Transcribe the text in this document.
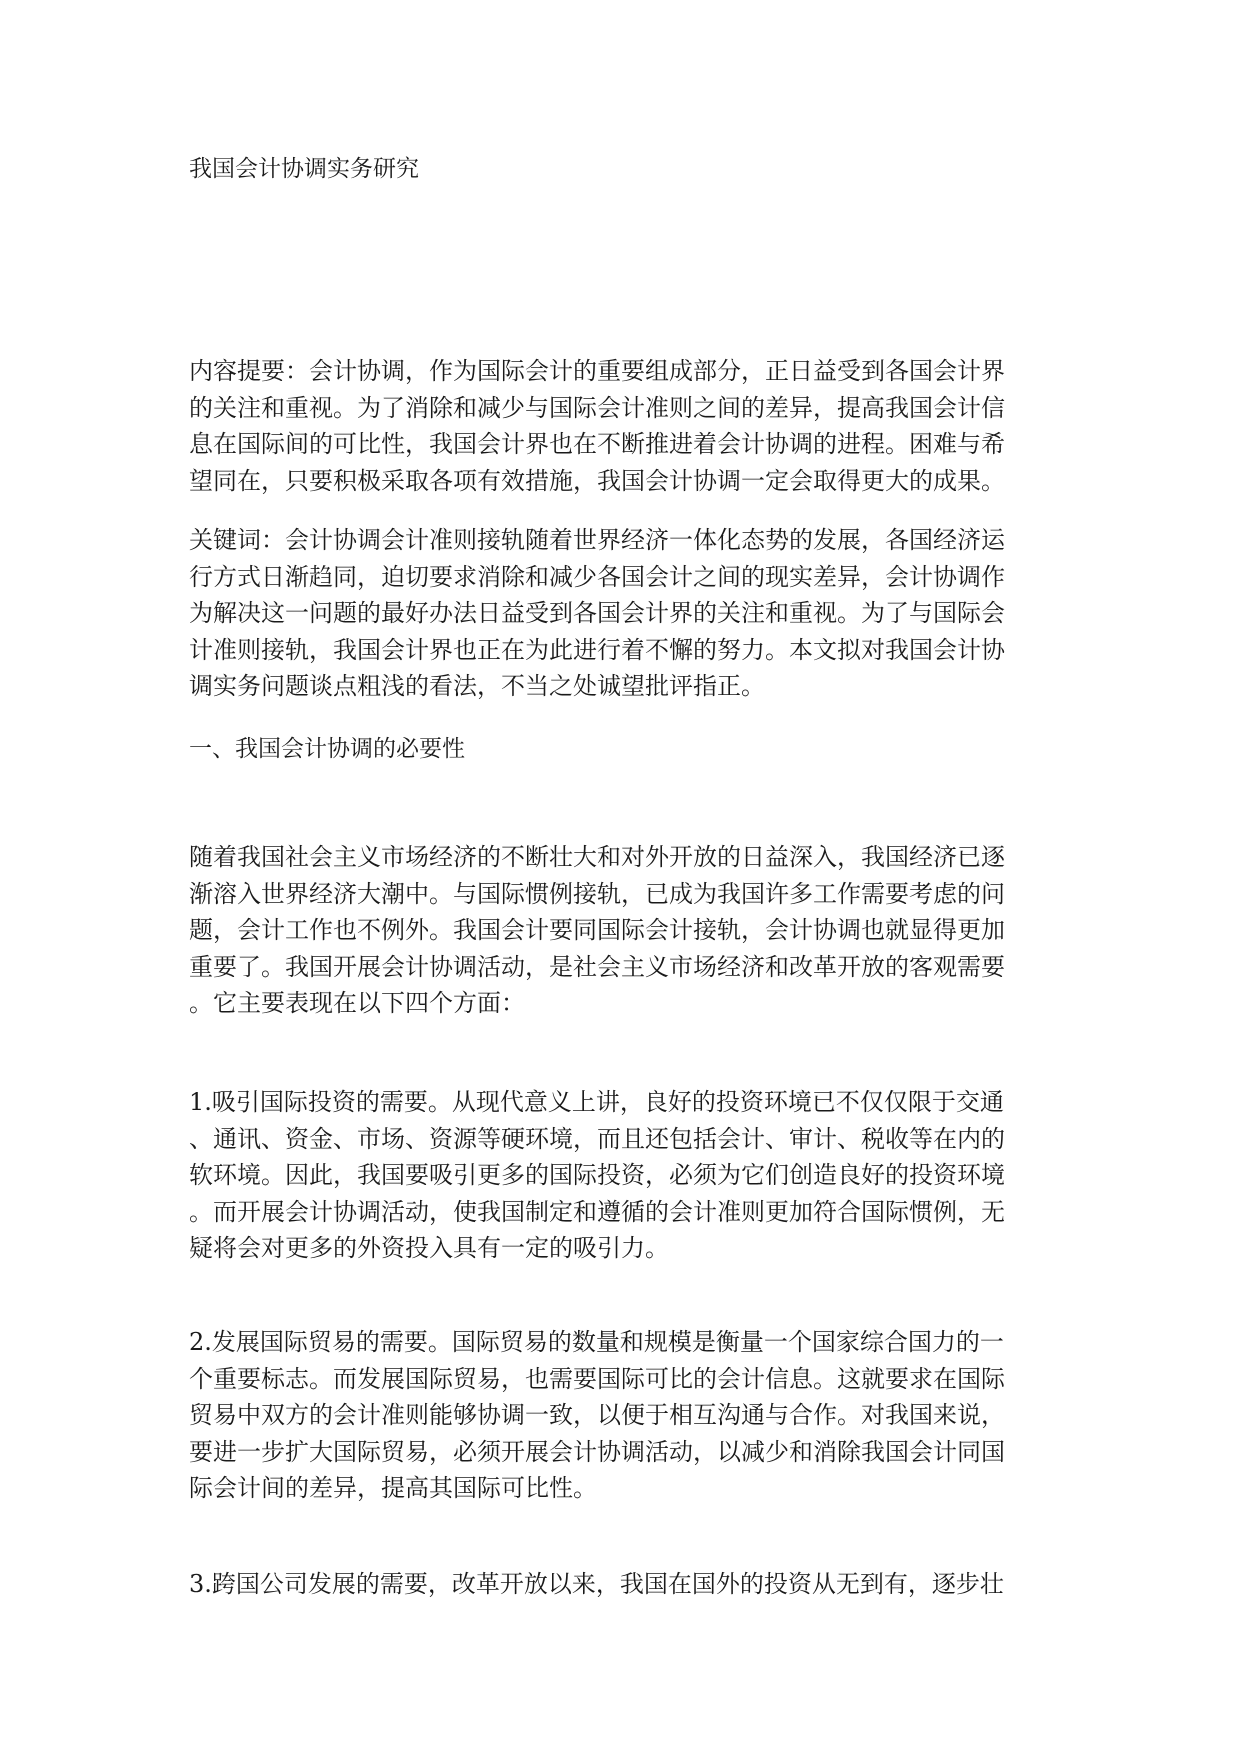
我国会计协调实务研究
内容提要：会计协调，作为国际会计的重要组成部分，正日益受到各国会计界
的关注和重视。为了消除和减少与国际会计准则之间的差异，提高我国会计信
息在国际间的可比性，我国会计界也在不断推进着会计协调的进程。困难与希
望同在，只要积极采取各项有效措施，我国会计协调一定会取得更大的成果。
关键词：会计协调会计准则接轨随着世界经济一体化态势的发展，各国经济运
行方式日渐趋同，迫切要求消除和减少各国会计之间的现实差异，会计协调作
为解决这一问题的最好办法日益受到各国会计界的关注和重视。为了与国际会
计准则接轨，我国会计界也正在为此进行着不懈的努力。本文拟对我国会计协
调实务问题谈点粗浅的看法，不当之处诚望批评指正。
一、我国会计协调的必要性
随着我国社会主义市场经济的不断壮大和对外开放的日益深入，我国经济已逐
渐溶入世界经济大潮中。与国际惯例接轨，已成为我国许多工作需要考虑的问
题，会计工作也不例外。我国会计要同国际会计接轨，会计协调也就显得更加
重要了。我国开展会计协调活动，是社会主义市场经济和改革开放的客观需要
。它主要表现在以下四个方面：
1.吸引国际投资的需要。从现代意义上讲，良好的投资环境已不仅仅限于交通
、通讯、资金、市场、资源等硬环境，而且还包括会计、审计、税收等在内的
软环境。因此，我国要吸引更多的国际投资，必须为它们创造良好的投资环境
。而开展会计协调活动，使我国制定和遵循的会计准则更加符合国际惯例，无
疑将会对更多的外资投入具有一定的吸引力。
2.发展国际贸易的需要。国际贸易的数量和规模是衡量一个国家综合国力的一
个重要标志。而发展国际贸易，也需要国际可比的会计信息。这就要求在国际
贸易中双方的会计准则能够协调一致，以便于相互沟通与合作。对我国来说，
要进一步扩大国际贸易，必须开展会计协调活动，以减少和消除我国会计同国
际会计间的差异，提高其国际可比性。
3.跨国公司发展的需要，改革开放以来，我国在国外的投资从无到有，逐步壮
